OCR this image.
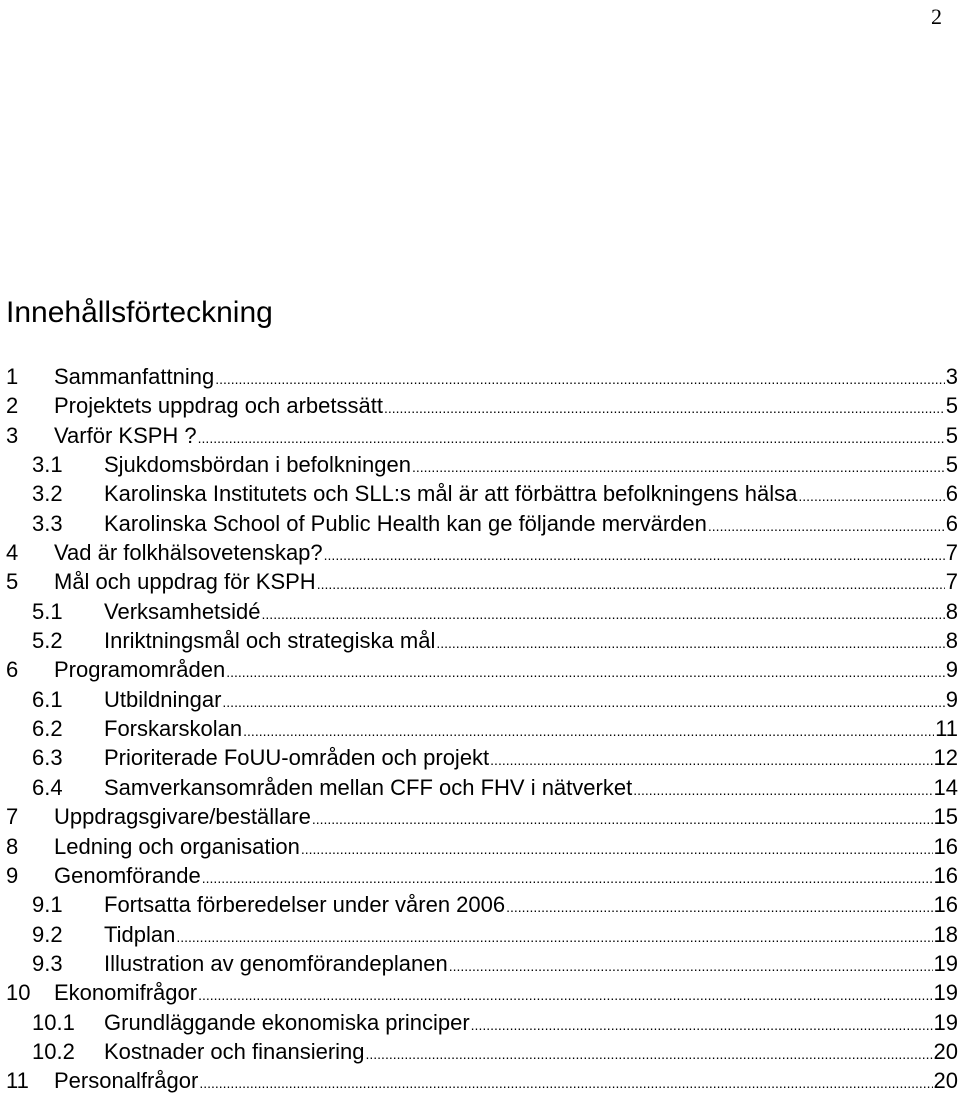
2
Innehållsförteckning
1	Sammanfattning .....	3
2	Projektets uppdrag och arbetssätt .....	5
3	Varför KSPH ? .....	5
3.1	Sjukdomsbördan i befolkningen .....	5
3.2	Karolinska Institutets och SLL:s mål är att förbättra befolkningens hälsa .....	6
3.3	Karolinska School of Public Health kan ge följande mervärden .....	6
4	Vad är folkhälsovetenskap? .....	7
5	Mål och uppdrag för KSPH .....	7
5.1	Verksamhetsidé .....	8
5.2	Inriktningsmål och strategiska mål .....	8
6	Programområden .....	9
6.1	Utbildningar .....	9
6.2	Forskarskolan .....	11
6.3	Prioriterade FoUU-områden och projekt .....	12
6.4	Samverkansområden mellan CFF och FHV i nätverket .....	14
7	Uppdragsgivare/beställare .....	15
8	Ledning och organisation .....	16
9	Genomförande .....	16
9.1	Fortsatta förberedelser under våren 2006 .....	16
9.2	Tidplan .....	18
9.3	Illustration av genomförandeplanen .....	19
10	Ekonomifrågor .....	19
10.1	Grundläggande ekonomiska principer .....	19
10.2	Kostnader och finansiering .....	20
11	Personalfrågor .....	20
